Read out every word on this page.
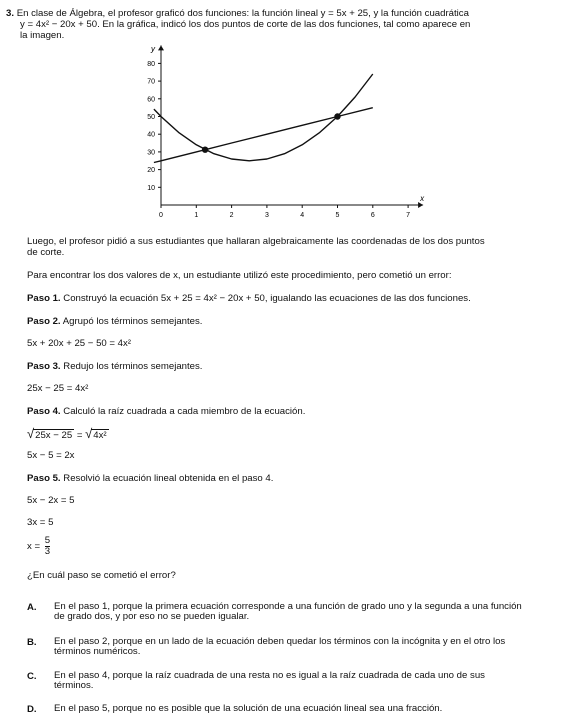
3. En clase de Álgebra, el profesor graficó dos funciones: la función lineal y = 5x + 25, y la función cuadrática
y = 4x² − 20x + 50. En la gráfica, indicó los dos puntos de corte de las dos funciones, tal como aparece en
la imagen.
x
y
0	1	2	3	4	5	6	7
10
20
30
40
50
60
70
80
Luego, el profesor pidió a sus estudiantes que hallaran algebraicamente las coordenadas de los dos puntos
de corte.
Para encontrar los dos valores de x, un estudiante utilizó este procedimiento, pero cometió un error:
Paso 1. Construyó la ecuación 5x + 25 = 4x² − 20x + 50, igualando las ecuaciones de las dos funciones.
Paso 2. Agrupó los términos semejantes.
5x + 20x + 25 − 50 = 4x²
Paso 3. Redujo los términos semejantes.
25x − 25 = 4x²
Paso 4. Calculó la raíz cuadrada a cada miembro de la ecuación.
√25x − 25 = √4x²
5x − 5 = 2x
Paso 5. Resolvió la ecuación lineal obtenida en el paso 4.
5x − 2x = 5
3x = 5
$x = \frac{5}{3}$
¿En cuál paso se cometió el error?
A. En el paso 1, porque la primera ecuación corresponde a una función de grado uno y la segunda a una función de grado dos, y por eso no se pueden igualar.
B. En el paso 2, porque en un lado de la ecuación deben quedar los términos con la incógnita y en el otro los términos numéricos.
C. En el paso 4, porque la raíz cuadrada de una resta no es igual a la raíz cuadrada de cada uno de sus términos.
D. En el paso 5, porque no es posible que la solución de una ecuación lineal sea una fracción.
